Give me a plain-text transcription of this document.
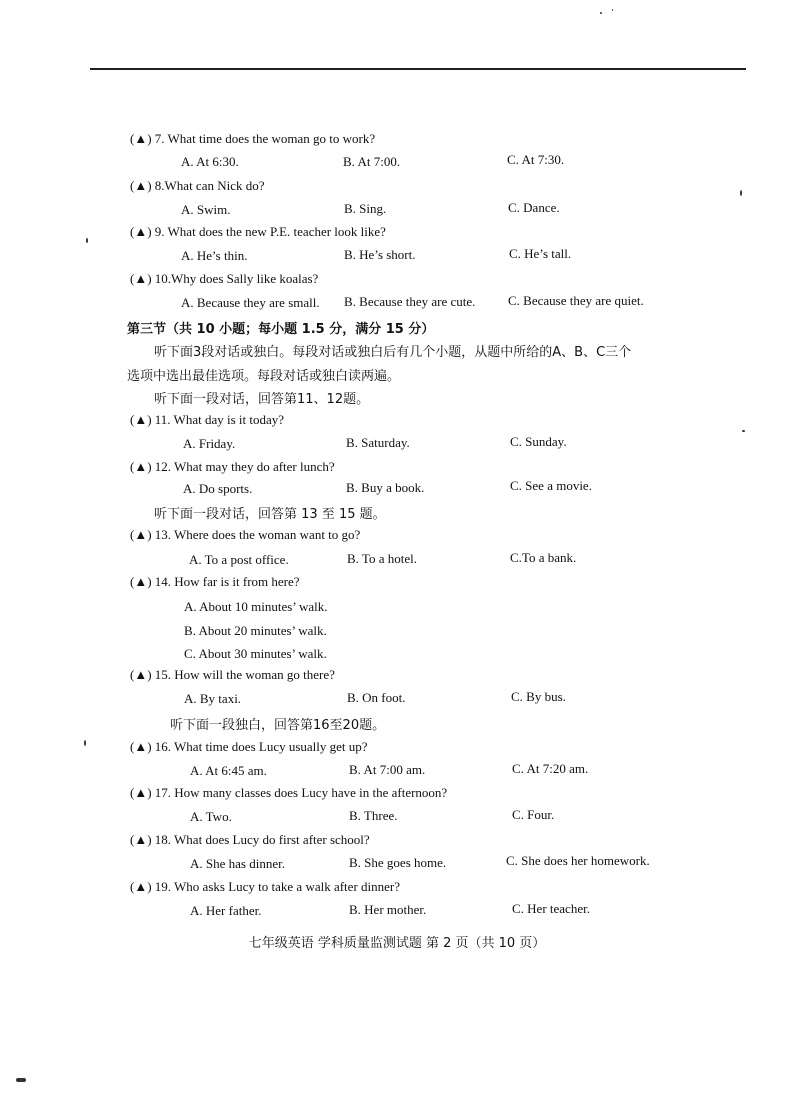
(▲) 7. What time does the woman go to work?
A. At 6:30.	B. At 7:00.	C. At 7:30.
(▲) 8.What can Nick do?
A. Swim.	B. Sing.	C. Dance.
(▲) 9. What does the new P.E. teacher look like?
A. He’s thin.	B. He’s short.	C. He’s tall.
(▲) 10.Why does Sally like koalas?
A. Because they are small. B. Because they are cute.	C. Because they are quiet.
第三节（共 10 小题；每小题 1.5 分，满分 15 分）
听下面3段对话或独白。每段对话或独白后有几个小题，从题中所给的A、B、C三个
选项中选出最佳选项。每段对话或独白读两遍。
听下面一段对话，回答第11、12题。
(▲) 11. What day is it today?
A. Friday.	B. Saturday.	C. Sunday.
(▲) 12. What may they do after lunch?
A. Do sports.	B. Buy a book.	C. See a movie.
听下面一段对话，回答第 13 至 15 题。
(▲) 13. Where does the woman want to go?
A. To a post office.	B. To a hotel.	C.To a bank.
(▲) 14. How far is it from here?
A. About 10 minutes’ walk.
B. About 20 minutes’ walk.
C. About 30 minutes’ walk.
(▲) 15. How will the woman go there?
A. By taxi.	B. On foot.	C. By bus.
听下面一段独白，回答第16至20题。
(▲) 16. What time does Lucy usually get up?
A. At 6:45 am.	B. At 7:00 am.	C. At 7:20 am.
(▲) 17. How many classes does Lucy have in the afternoon?
A. Two.	B. Three.	C. Four.
(▲) 18. What does Lucy do first after school?
A. She has dinner.	B. She goes home.	C. She does her homework.
(▲) 19. Who asks Lucy to take a walk after dinner?
A. Her father.	B. Her mother.	C. Her teacher.
七年级英语 学科质量监测试题 第 2 页（共 10 页）
